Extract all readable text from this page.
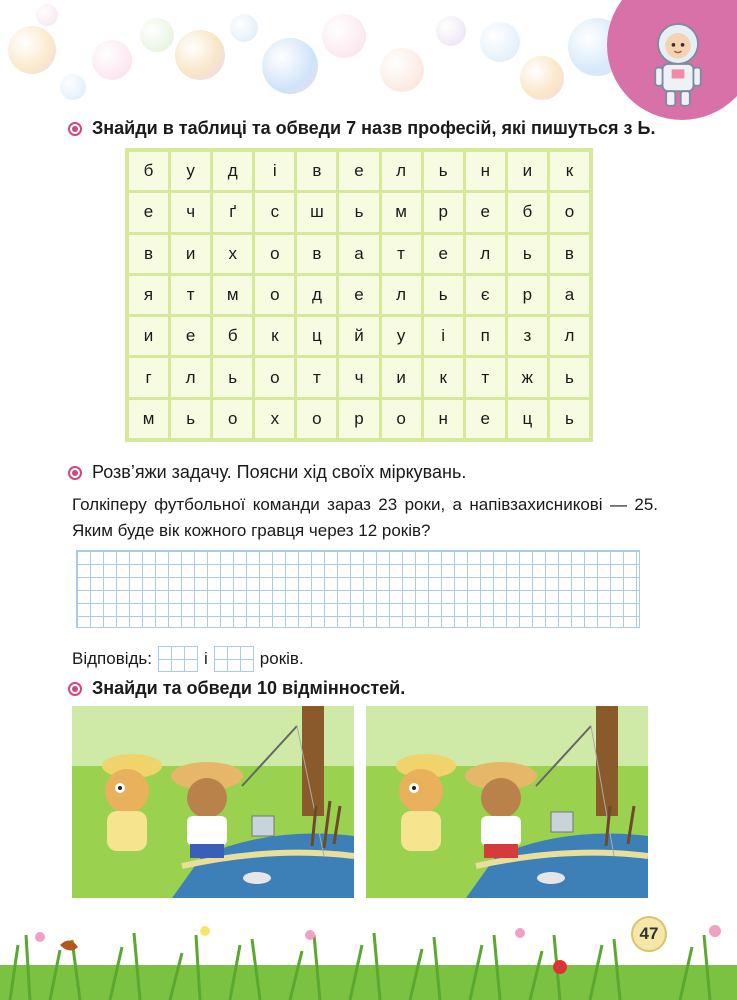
Знайди в таблиці та обведи 7 назв професій, які пишуться з Ь.
б	у	д	і	в	е	л	ь	н	и	к
е	ч	ґ	с	ш	ь	м	р	е	б	о
в	и	х	о	в	а	т	е	л	ь	в
я	т	м	о	д	е	л	ь	є	р	а
и	е	б	к	ц	й	у	і	п	з	л
г	л	ь	о	т	ч	и	к	т	ж	ь
м	ь	о	х	о	р	о	н	е	ц	ь
Розв’яжи задачу. Поясни хід своїх міркувань.
Голкіперу футбольної команди зараз 23 роки, а напівзахисникові — 25. Яким буде вік кожного гравця через 12 років?
Відповідь:	і	років.
Знайди та обведи 10 відмінностей.
47
